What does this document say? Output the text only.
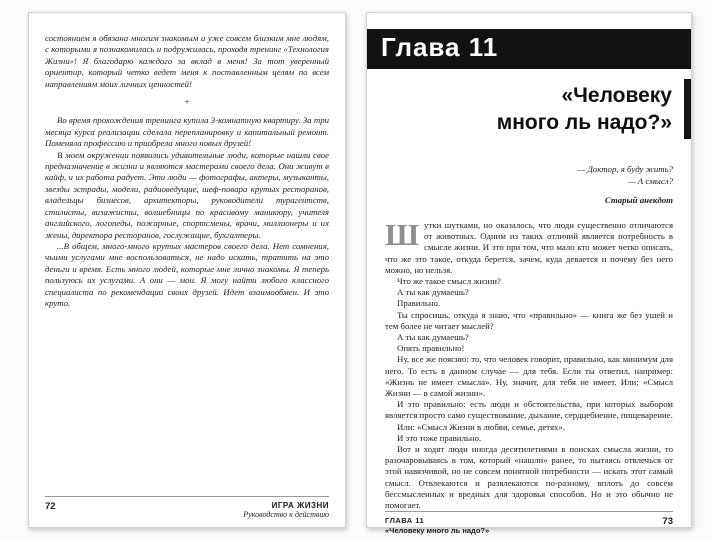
состоянием я обязана многим знакомым и уже совсем близким мне людям, с которыми я познакомилась и подружилась, проходя тренинг «Технология Жизни»! Я благодарю каждого за вклад в меня! За тот уверенный ориентир, который четко ведет меня к поставленным целям по всем направлениям моих личных ценностей!

+

Во время прохождения тренинга купила 3-комнатную квартиру. За три месяца курса реализации сделала перепланировку и капитальный ремонт. Поменяла профессию и приобрела много новых друзей!

В моем окружении появились удивительные люди, которые нашли свое предназначение в жизни и являются мастерами своего дела. Они живут в кайф, и их работа радует. Эти люди — фотографы, актеры, музыканты, звезды эстрады, модели, радиоведущие, шеф-повара крутых ресторанов, владельцы бизнесов, архитекторы, руководители турагентств, стилисты, визажисты, волшебницы по красивому маникюру, учителя английского, логопеды, пожарные, спортсмены, врачи, миллионеры и их жены, директора ресторанов, гослужащие, бухгалтеры.

...В общем, много-много крутых мастеров своего дела. Нет сомнения, чьими услугами мне воспользоваться, не надо искать, тратить на это деньги и время. Есть много людей, которые мне лично знакомы. Я теперь пользуюсь их услугами. А они — мои. Я могу найти любого классного специалиста по рекомендации своих друзей. Идет взаимообмен. И это круто.

72	ИГРА ЖИЗНИ
Руководство к действию
Глава 11
«Человеку
много ль надо?»
— Доктор, я буду жить?
— А смысл?
Старый анекдот

Шутки шутками, но оказалось, что люди существенно отличаются от животных. Одним из таких отличий является потребность в смысле жизни. И это при том, что мало кто может четко описать, что же это такое, откуда берется, зачем, куда девается и почему без него можно, но нельзя.

Что же такое смысл жизни?

А ты как думаешь?

Правильно.

Ты спросишь, откуда я знаю, что «правильно» — книга же без ушей и тем более не читает мыслей?

А ты как думаешь?

Опять правильно!

Ну, все же поясню: то, что человек говорит, правильно, как минимум для него. То есть в данном случае — для тебя. Если ты ответил, например: «Жизнь не имеет смысла». Ну, значит, для тебя не имеет. Или: «Смысл Жизни — в самой жизни».

И это правильно: есть люди и обстоятельства, при которых выбором является просто само существование, дыхание, сердцебиение, пищеварение.

Или: «Смысл Жизни в любви, семье, детях».

И это тоже правильно.

Вот и ходят люди иногда десятилетиями в поисках смысла жизни, то разочаровываясь в том, который «нашли» ранее, то пытаясь отвлечься от этой навязчивой, но не совсем понятной потребности — искать этот самый смысл. Отвлекаются и развлекаются по-разному, вплоть до совсем бессмысленных и вредных для здоровья способов. Но и это обычно не помогает.

ГЛАВА 11
«Человеку много ль надо?»
73
